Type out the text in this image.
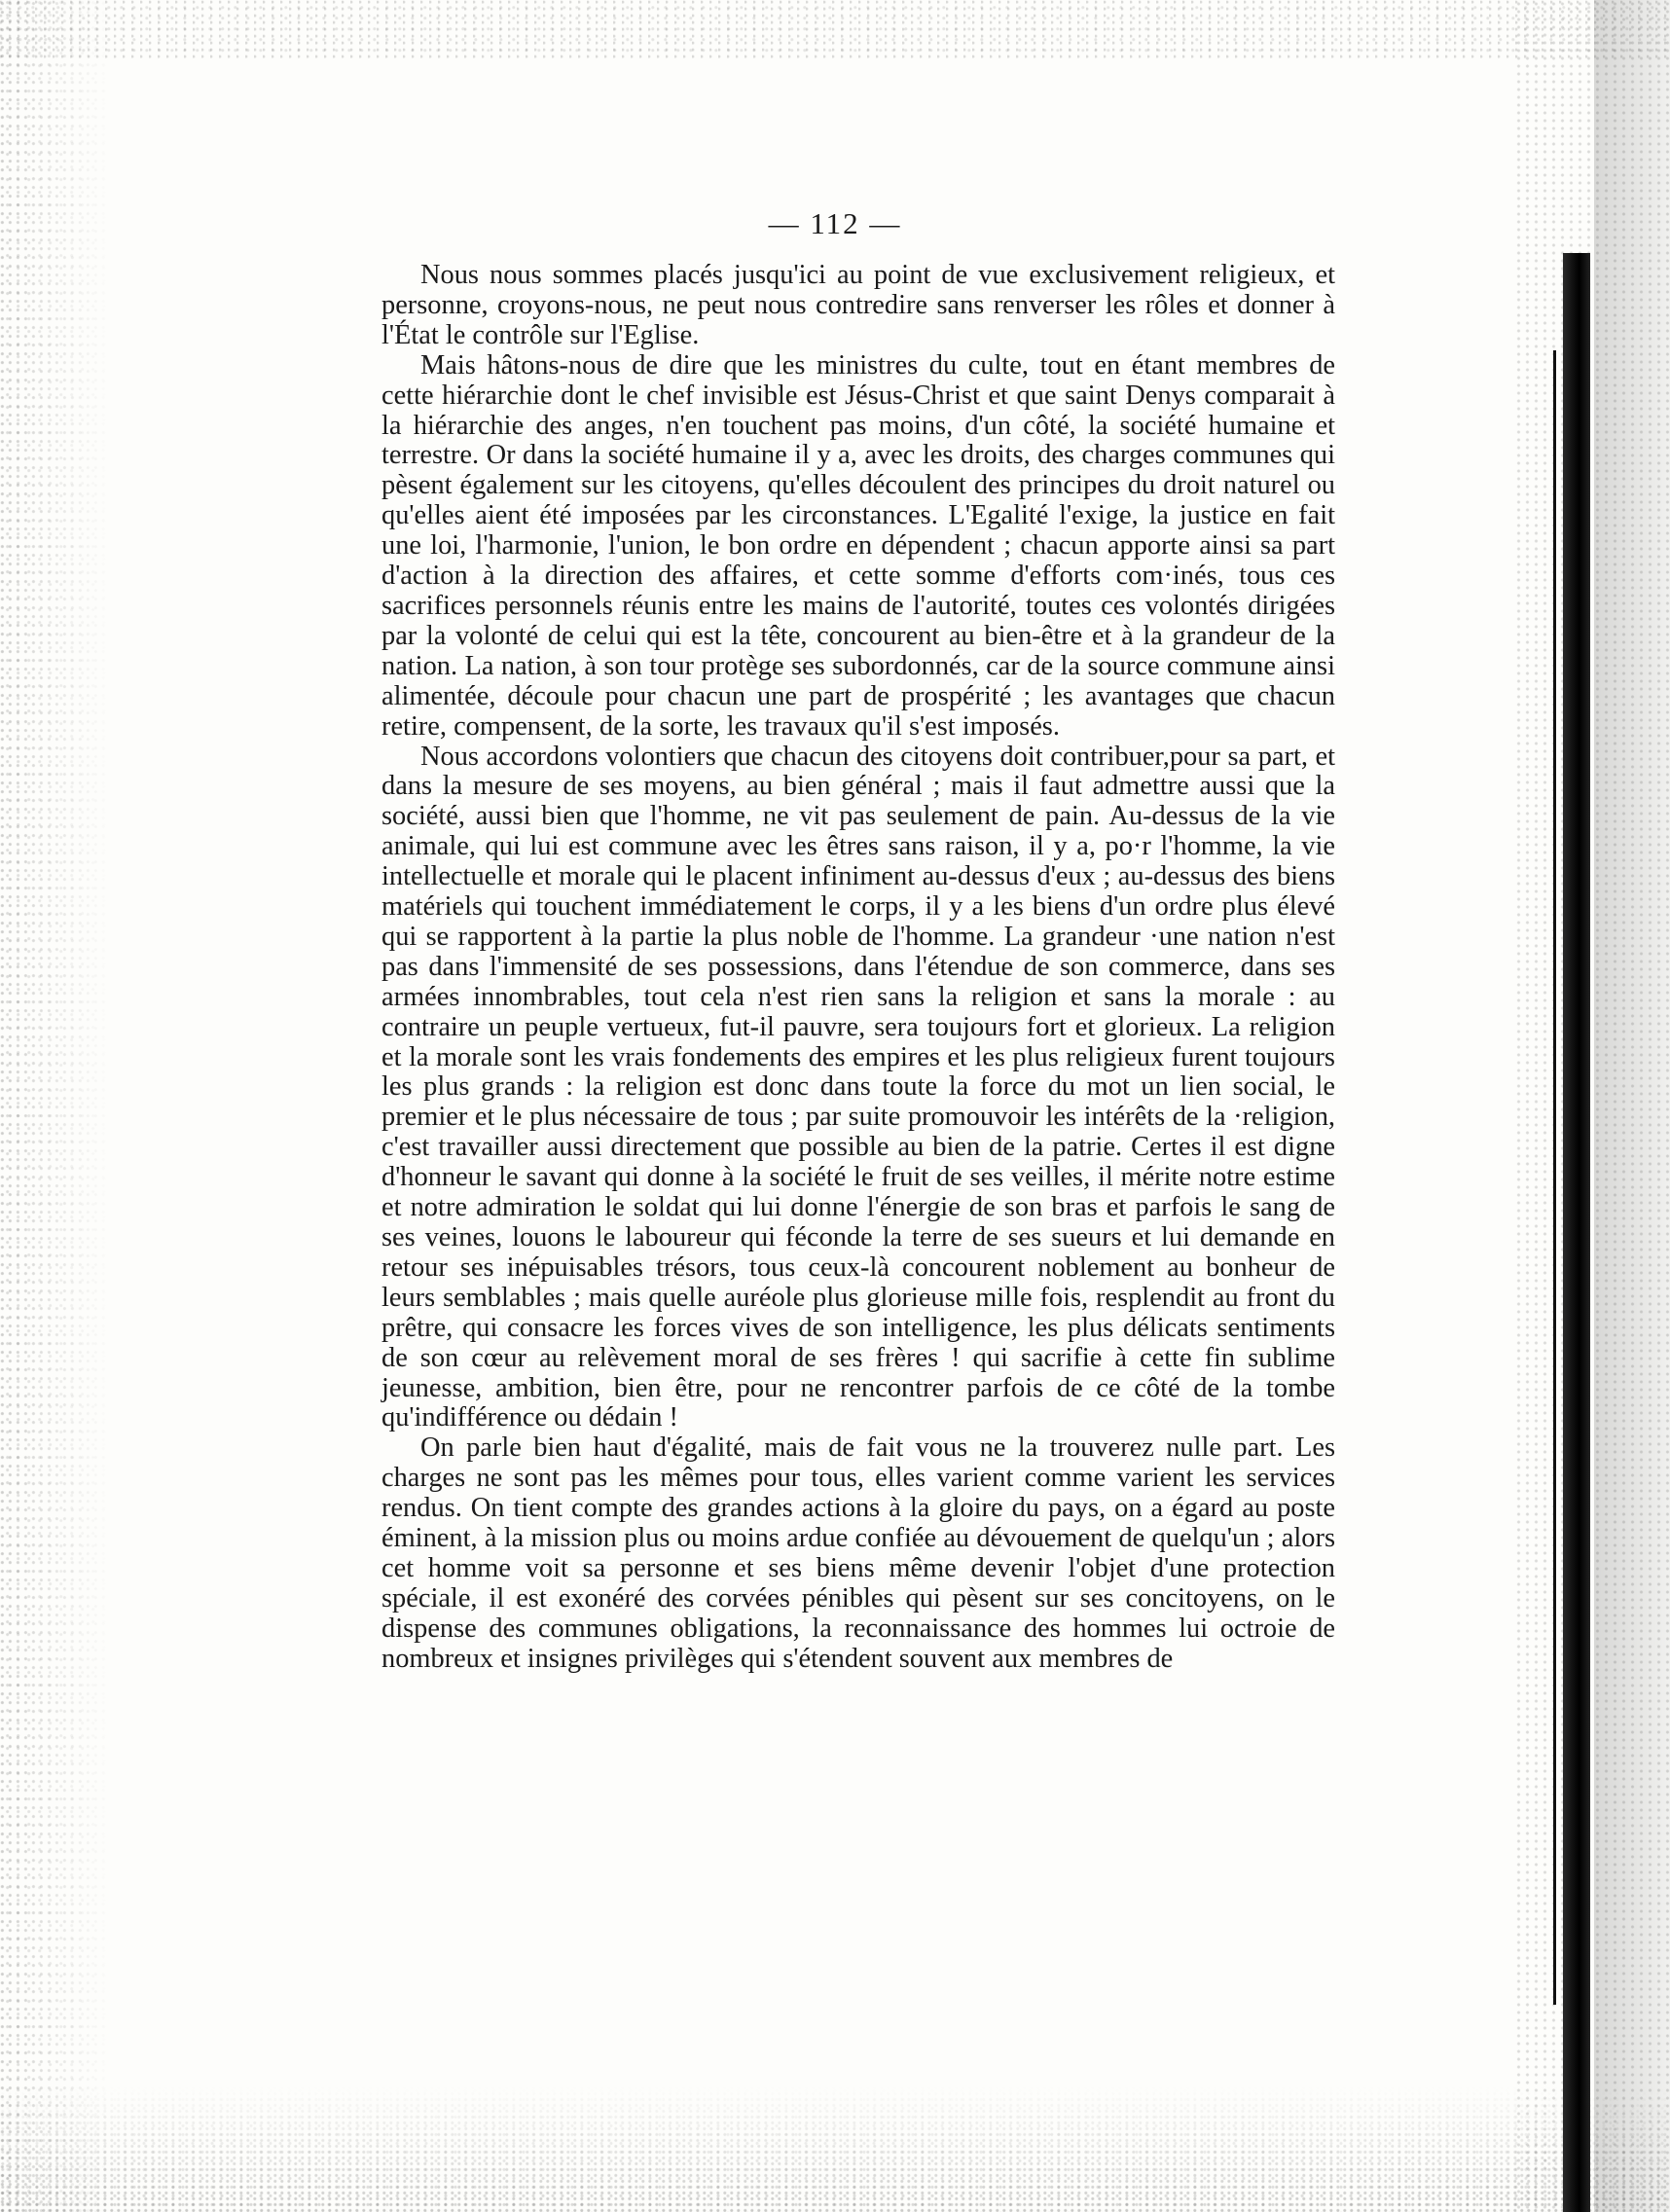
— 112 —

Nous nous sommes placés jusqu'ici au point de vue exclusivement religieux, et personne, croyons-nous, ne peut nous contredire sans renverser les rôles et donner à l'État le contrôle sur l'Eglise.

Mais hâtons-nous de dire que les ministres du culte, tout en étant membres de cette hiérarchie dont le chef invisible est Jésus-Christ et que saint Denys comparait à la hiérarchie des anges, n'en touchent pas moins, d'un côté, la société humaine et terrestre. Or dans la société humaine il y a, avec les droits, des charges communes qui pèsent également sur les citoyens, qu'elles découlent des principes du droit naturel ou qu'elles aient été imposées par les circonstances. L'Egalité l'exige, la justice en fait une loi, l'harmonie, l'union, le bon ordre en dépendent ; chacun apporte ainsi sa part d'action à la direction des affaires, et cette somme d'efforts com·inés, tous ces sacrifices personnels réunis entre les mains de l'autorité, toutes ces volontés dirigées par la volonté de celui qui est la tête, concourent au bien-être et à la grandeur de la nation. La nation, à son tour protège ses subordonnés, car de la source commune ainsi alimentée, découle pour chacun une part de prospérité ; les avantages que chacun retire, compensent, de la sorte, les travaux qu'il s'est imposés.

Nous accordons volontiers que chacun des citoyens doit contribuer,pour sa part, et dans la mesure de ses moyens, au bien général ; mais il faut admettre aussi que la société, aussi bien que l'homme, ne vit pas seulement de pain. Au-dessus de la vie animale, qui lui est commune avec les êtres sans raison, il y a, po·r l'homme, la vie intellectuelle et morale qui le placent infiniment au-dessus d'eux ; au-dessus des biens matériels qui touchent immédiatement le corps, il y a les biens d'un ordre plus élevé qui se rapportent à la partie la plus noble de l'homme. La grandeur ·une nation n'est pas dans l'immensité de ses possessions, dans l'étendue de son commerce, dans ses armées innombrables, tout cela n'est rien sans la religion et sans la morale : au contraire un peuple vertueux, fut-il pauvre, sera toujours fort et glorieux. La religion et la morale sont les vrais fondements des empires et les plus religieux furent toujours les plus grands : la religion est donc dans toute la force du mot un lien social, le premier et le plus nécessaire de tous ; par suite promouvoir les intérêts de la ·religion, c'est travailler aussi directement que possible au bien de la patrie. Certes il est digne d'honneur le savant qui donne à la société le fruit de ses veilles, il mérite notre estime et notre admiration le soldat qui lui donne l'énergie de son bras et parfois le sang de ses veines, louons le laboureur qui féconde la terre de ses sueurs et lui demande en retour ses inépuisables trésors, tous ceux-là concourent noblement au bonheur de leurs semblables ; mais quelle auréole plus glorieuse mille fois, resplendit au front du prêtre, qui consacre les forces vives de son intelligence, les plus délicats sentiments de son cœur au relèvement moral de ses frères ! qui sacrifie à cette fin sublime jeunesse, ambition, bien être, pour ne rencontrer parfois de ce côté de la tombe qu'indifférence ou dédain !

On parle bien haut d'égalité, mais de fait vous ne la trouverez nulle part. Les charges ne sont pas les mêmes pour tous, elles varient comme varient les services rendus. On tient compte des grandes actions à la gloire du pays, on a égard au poste éminent, à la mission plus ou moins ardue confiée au dévouement de quelqu'un ; alors cet homme voit sa personne et ses biens même devenir l'objet d'une protection spéciale, il est exonéré des corvées pénibles qui pèsent sur ses concitoyens, on le dispense des communes obligations, la reconnaissance des hommes lui octroie de nombreux et insignes privilèges qui s'étendent souvent aux membres de
